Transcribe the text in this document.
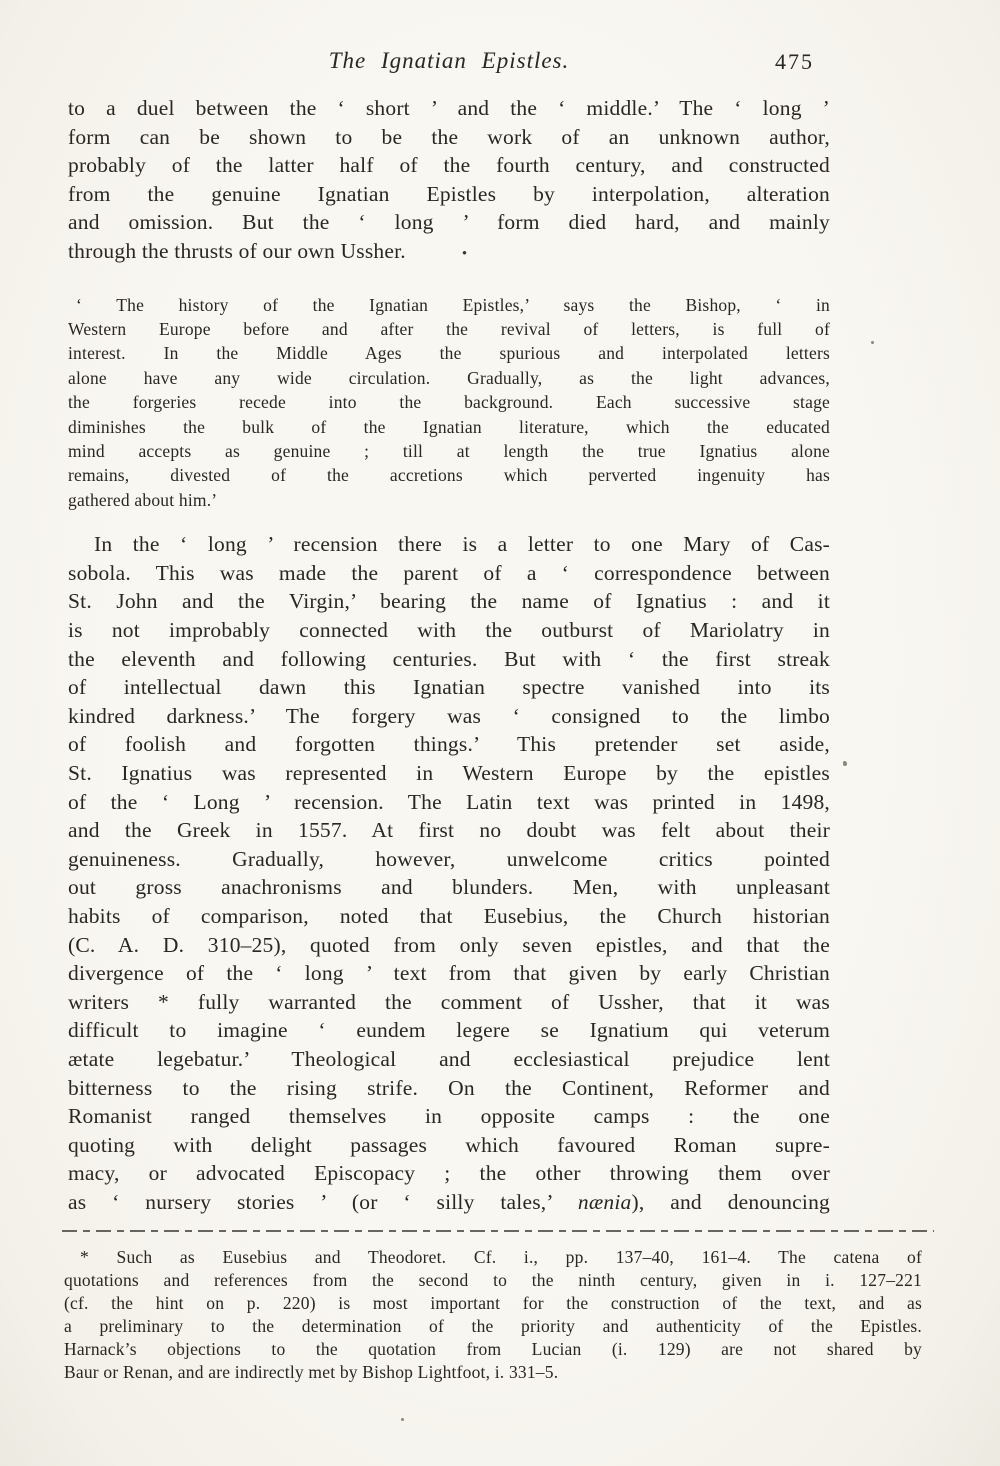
The Ignatian Epistles.	475
to a duel between the ‘ short ’ and the ‘ middle.’ The ‘ long ’
form can be shown to be the work of an unknown author,
probably of the latter half of the fourth century, and constructed
from the genuine Ignatian Epistles by interpolation, alteration
and omission. But the ‘ long ’ form died hard, and mainly
through the thrusts of our own Ussher.	•
‘ The history of the Ignatian Epistles,’ says the Bishop, ‘ in
Western Europe before and after the revival of letters, is full of
interest. In the Middle Ages the spurious and interpolated letters
alone have any wide circulation. Gradually, as the light advances,
the forgeries recede into the background. Each successive stage
diminishes the bulk of the Ignatian literature, which the educated
mind accepts as genuine ; till at length the true Ignatius alone
remains, divested of the accretions which perverted ingenuity has
gathered about him.’
In the ‘ long ’ recension there is a letter to one Mary of Cas-
sobola. This was made the parent of a ‘ correspondence between
St. John and the Virgin,’ bearing the name of Ignatius : and it
is not improbably connected with the outburst of Mariolatry in
the eleventh and following centuries. But with ‘ the first streak
of intellectual dawn this Ignatian spectre vanished into its
kindred darkness.’ The forgery was ‘ consigned to the limbo
of foolish and forgotten things.’ This pretender set aside,
St. Ignatius was represented in Western Europe by the epistles
of the ‘ Long ’ recension. The Latin text was printed in 1498,
and the Greek in 1557. At first no doubt was felt about their
genuineness. Gradually, however, unwelcome critics pointed
out gross anachronisms and blunders. Men, with unpleasant
habits of comparison, noted that Eusebius, the Church historian
(C. A. D. 310–25), quoted from only seven epistles, and that the
divergence of the ‘ long ’ text from that given by early Christian
writers * fully warranted the comment of Ussher, that it was
difficult to imagine ‘ eundem legere se Ignatium qui veterum
ætate legebatur.’ Theological and ecclesiastical prejudice lent
bitterness to the rising strife. On the Continent, Reformer and
Romanist ranged themselves in opposite camps : the one
quoting with delight passages which favoured Roman supre-
macy, or advocated Episcopacy ; the other throwing them over
as ‘ nursery stories ’ (or ‘ silly tales,’ nænia), and denouncing
* Such as Eusebius and Theodoret. Cf. i., pp. 137–40, 161–4. The catena of
quotations and references from the second to the ninth century, given in i. 127–221
(cf. the hint on p. 220) is most important for the construction of the text, and as
a preliminary to the determination of the priority and authenticity of the Epistles.
Harnack’s objections to the quotation from Lucian (i. 129) are not shared by
Baur or Renan, and are indirectly met by Bishop Lightfoot, i. 331–5.
